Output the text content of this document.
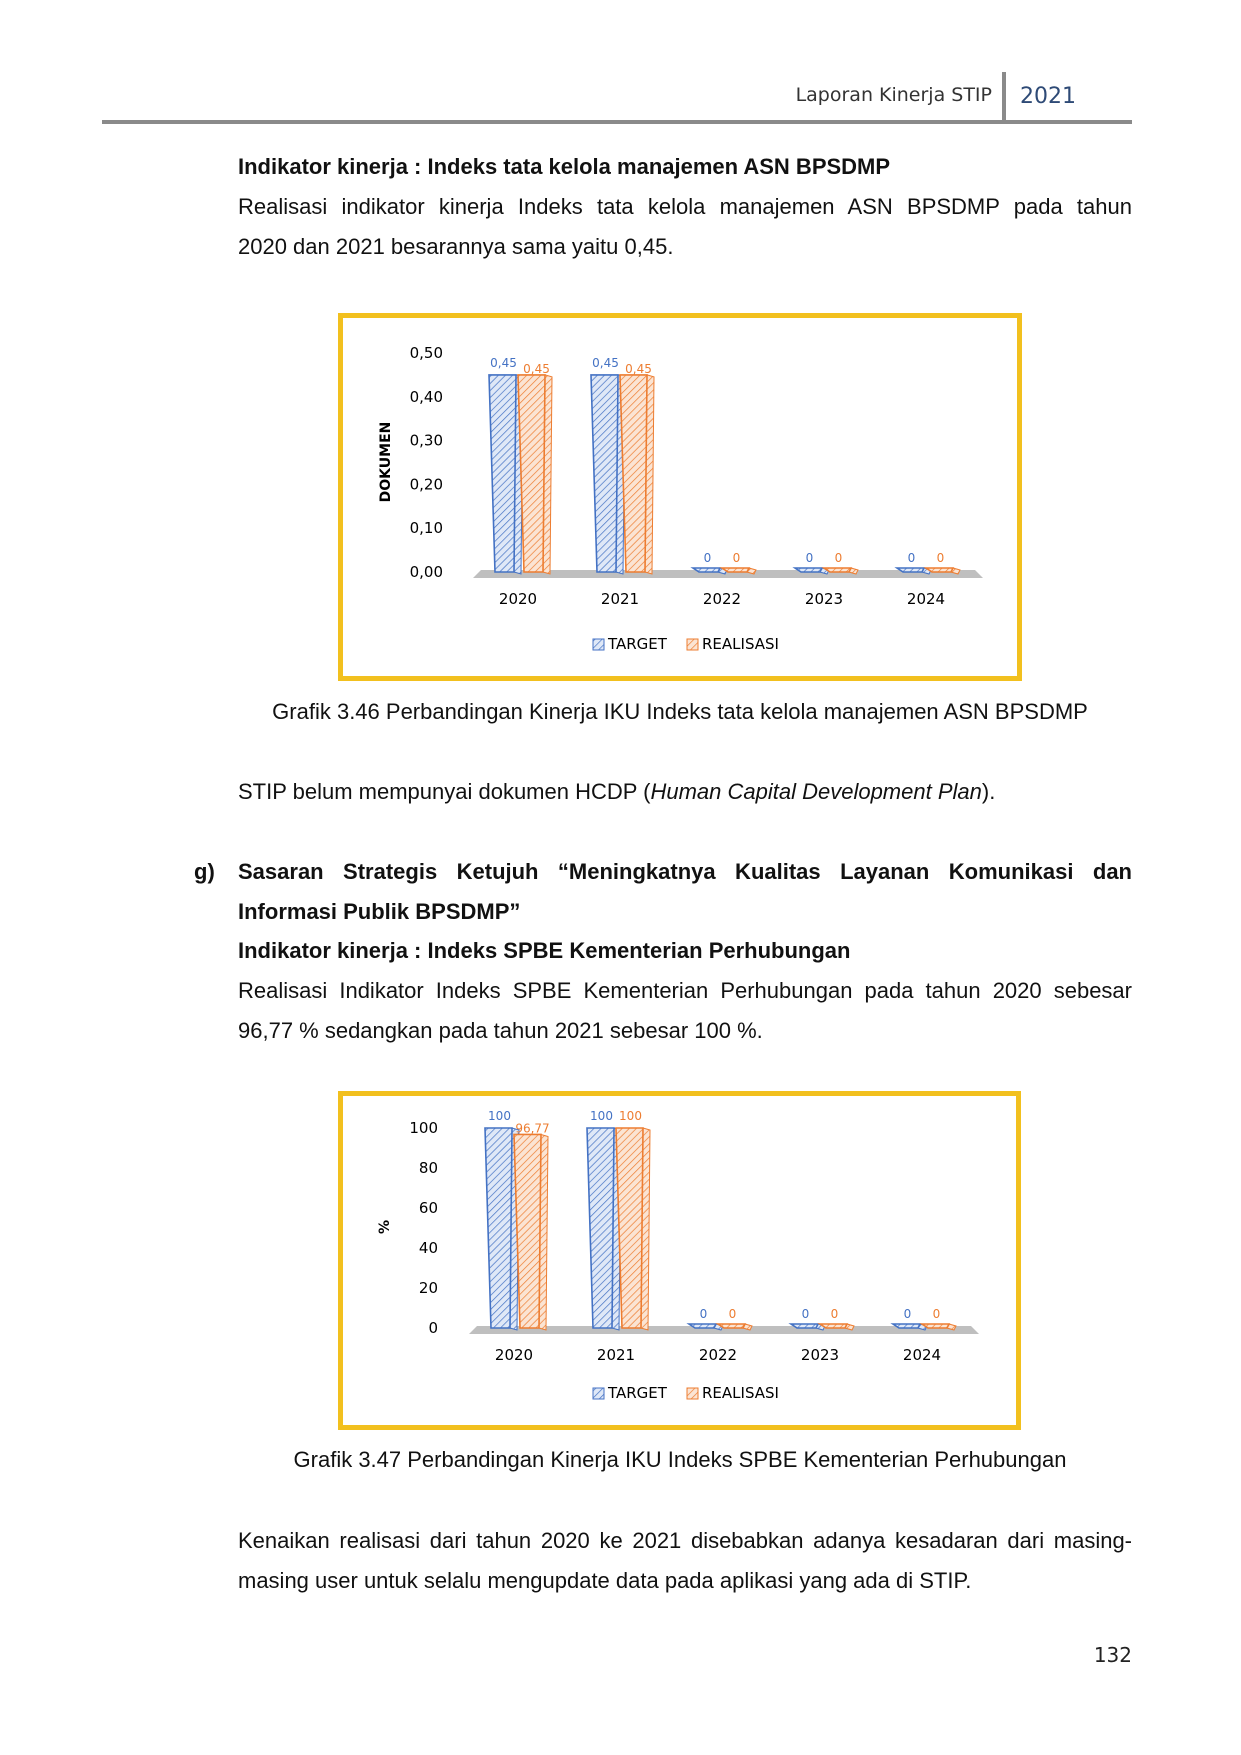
Laporan Kinerja STIP 2021
Indikator kinerja : Indeks tata kelola manajemen ASN BPSDMP
Realisasi indikator kinerja Indeks tata kelola manajemen ASN BPSDMP pada tahun
2020 dan 2021 besarannya sama yaitu 0,45.
0,00
0,10
0,20
0,30
0,40
0,50
DOKUMEN
2020
0,45 0,45
2021
0,45 0,45
2022
0 0
2023
0 0
2024
0 0
TARGET REALISASI
Grafik 3.46 Perbandingan Kinerja IKU Indeks tata kelola manajemen ASN BPSDMP
STIP belum mempunyai dokumen HCDP (Human Capital Development Plan).
g) Sasaran Strategis Ketujuh “Meningkatnya Kualitas Layanan Komunikasi dan
Informasi Publik BPSDMP”
Indikator kinerja : Indeks SPBE Kementerian Perhubungan
Realisasi Indikator Indeks SPBE Kementerian Perhubungan pada tahun 2020 sebesar
96,77 % sedangkan pada tahun 2021 sebesar 100 %.
0
20
40
60
80
100
%
2020
100
96,77
2021
100 100
2022
0 0
2023
0 0
2024
0 0
TARGET REALISASI
Grafik 3.47 Perbandingan Kinerja IKU Indeks SPBE Kementerian Perhubungan
Kenaikan realisasi dari tahun 2020 ke 2021 disebabkan adanya kesadaran dari masing-
masing user untuk selalu mengupdate data pada aplikasi yang ada di STIP.
132
